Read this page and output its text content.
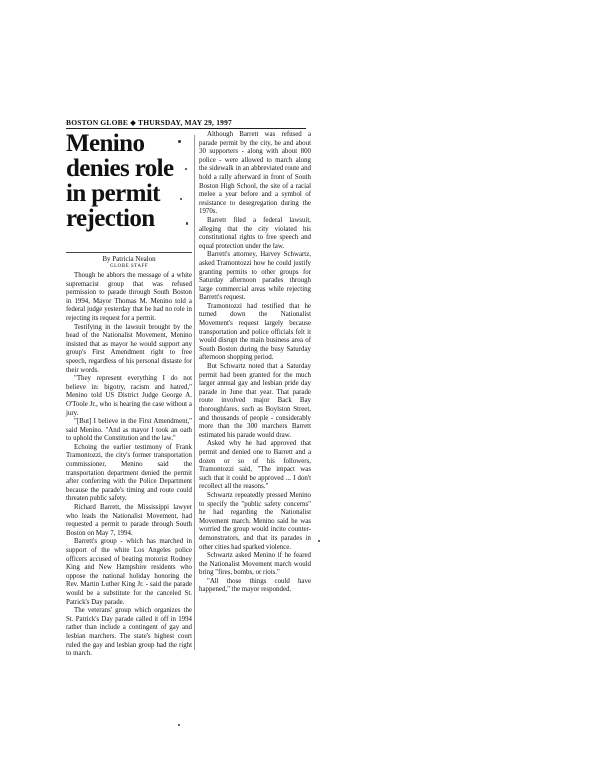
BOSTON GLOBE ◆ THURSDAY, MAY 29, 1997
Menino
denies role
in permit
rejection
By Patricia Nealon
GLOBE STAFF

Though he abhors the message of a white supremacist group that was refused permission to parade through South Boston in 1994, Mayor Thomas M. Menino told a federal judge yesterday that he had no role in rejecting its request for a permit.

Testifying in the lawsuit brought by the head of the Nationalist Movement, Menino insisted that as mayor he would support any group's First Amendment right to free speech, regardless of his personal distaste for their words.

"They represent everything I do not believe in: bigotry, racism and hatred," Menino told US District Judge George A. O'Toole Jr., who is hearing the case without a jury.

"[But] I believe in the First Amendment," said Menino. "And as mayor I took an oath to uphold the Constitution and the law."

Echoing the earlier testimony of Frank Tramontozzi, the city's former transportation commissioner, Menino said the transportation department denied the permit after conferring with the Police Department because the parade's timing and route could threaten public safety.

Richard Barrett, the Mississippi lawyer who leads the Nationalist Movement, had requested a permit to parade through South Boston on May 7, 1994.

Barrett's group - which has marched in support of the white Los Angeles police officers accused of beating motorist Rodney King and New Hampshire residents who oppose the national holiday honoring the Rev. Martin Luther King Jr. - said the parade would be a substitute for the canceled St. Patrick's Day parade.

The veterans' group which organizes the St. Patrick's Day parade called it off in 1994 rather than include a contingent of gay and lesbian marchers. The state's highest court ruled the gay and lesbian group had the right to march.

Although Barrett was refused a parade permit by the city, he and about 30 supporters - along with about 800 police - were allowed to march along the sidewalk in an abbreviated route and hold a rally afterward in front of South Boston High School, the site of a racial melee a year before and a symbol of resistance to desegregation during the 1970s.

Barrett filed a federal lawsuit, alleging that the city violated his constitutional rights to free speech and equal protection under the law.

Barrett's attorney, Harvey Schwartz, asked Tramontozzi how he could justify granting permits to other groups for Saturday afternoon parades through large commercial areas while rejecting Barrett's request.

Tramontozzi had testified that he turned down the Nationalist Movement's request largely because transportation and police officials felt it would disrupt the main business area of South Boston during the busy Saturday afternoon shopping period.

But Schwartz noted that a Saturday permit had been granted for the much larger annual gay and lesbian pride day parade in June that year. That parade route involved major Back Bay thoroughfares, such as Boylston Street, and thousands of people - considerably more than the 300 marchers Barrett estimated his parade would draw.

Asked why he had approved that permit and denied one to Barrett and a dozen or so of his followers, Tramontozzi said, "The impact was such that it could be approved ... I don't recollect all the reasons."

Schwartz repeatedly pressed Menino to specify the "public safety concerns" he had regarding the Nationalist Movement march. Menino said he was worried the group would incite counter-demonstrators, and that its parades in other cities had sparked violence.

Schwartz asked Menino if he feared the Nationalist Movement march would bring "fires, bombs, or riots."

"All those things could have happened," the mayor responded.
